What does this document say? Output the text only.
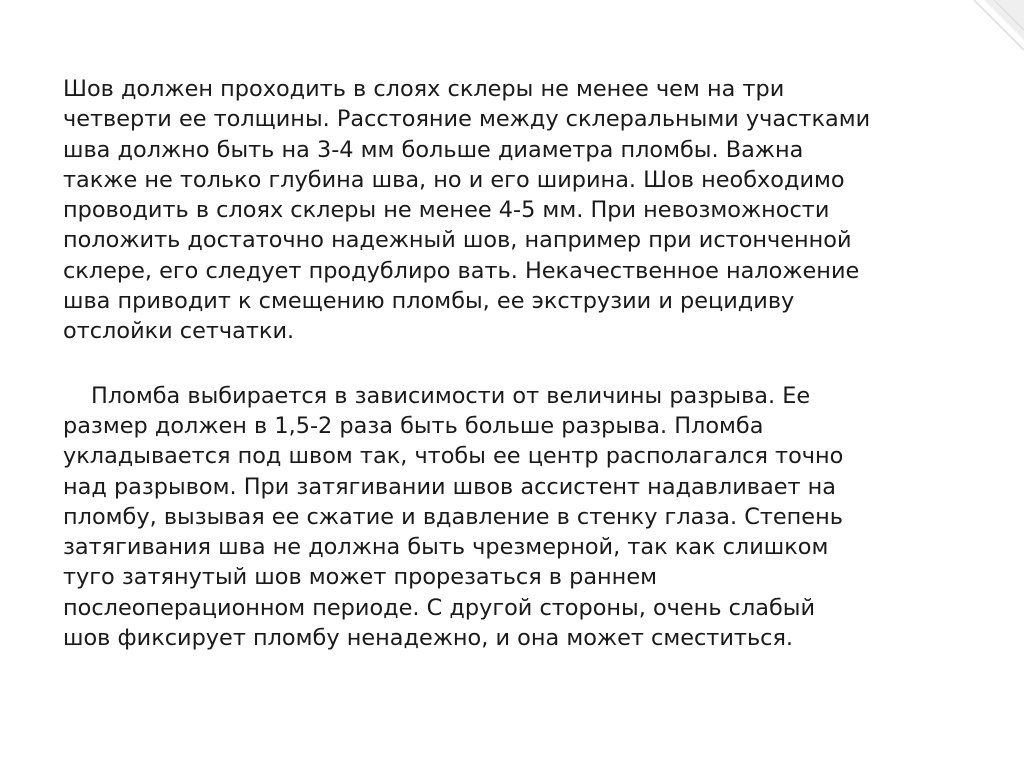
Шов должен проходить в слоях склеры не менее чем на три
четверти ее толщины. Расстояние между склеральными участками
шва должно быть на 3-4 мм больше диаметра пломбы. Важна
также не только глубина шва, но и его ширина. Шов необходимо
проводить в слоях склеры не менее 4-5 мм. При невозможности
положить достаточно надежный шов, например при истонченной
склере, его следует продублиро вать. Некачественное наложение
шва приводит к смещению пломбы, ее экструзии и рецидиву
отслойки сетчатки.
Пломба выбирается в зависимости от величины разрыва. Ее
размер должен в 1,5-2 раза быть больше разрыва. Пломба
укладывается под швом так, чтобы ее центр располагался точно
над разрывом. При затягивании швов ассистент надавливает на
пломбу, вызывая ее сжатие и вдавление в стенку глаза. Степень
затягивания шва не должна быть чрезмерной, так как слишком
туго затянутый шов может прорезаться в раннем
послеоперационном периоде. С другой стороны, очень слабый
шов фиксирует пломбу ненадежно, и она может сместиться.
